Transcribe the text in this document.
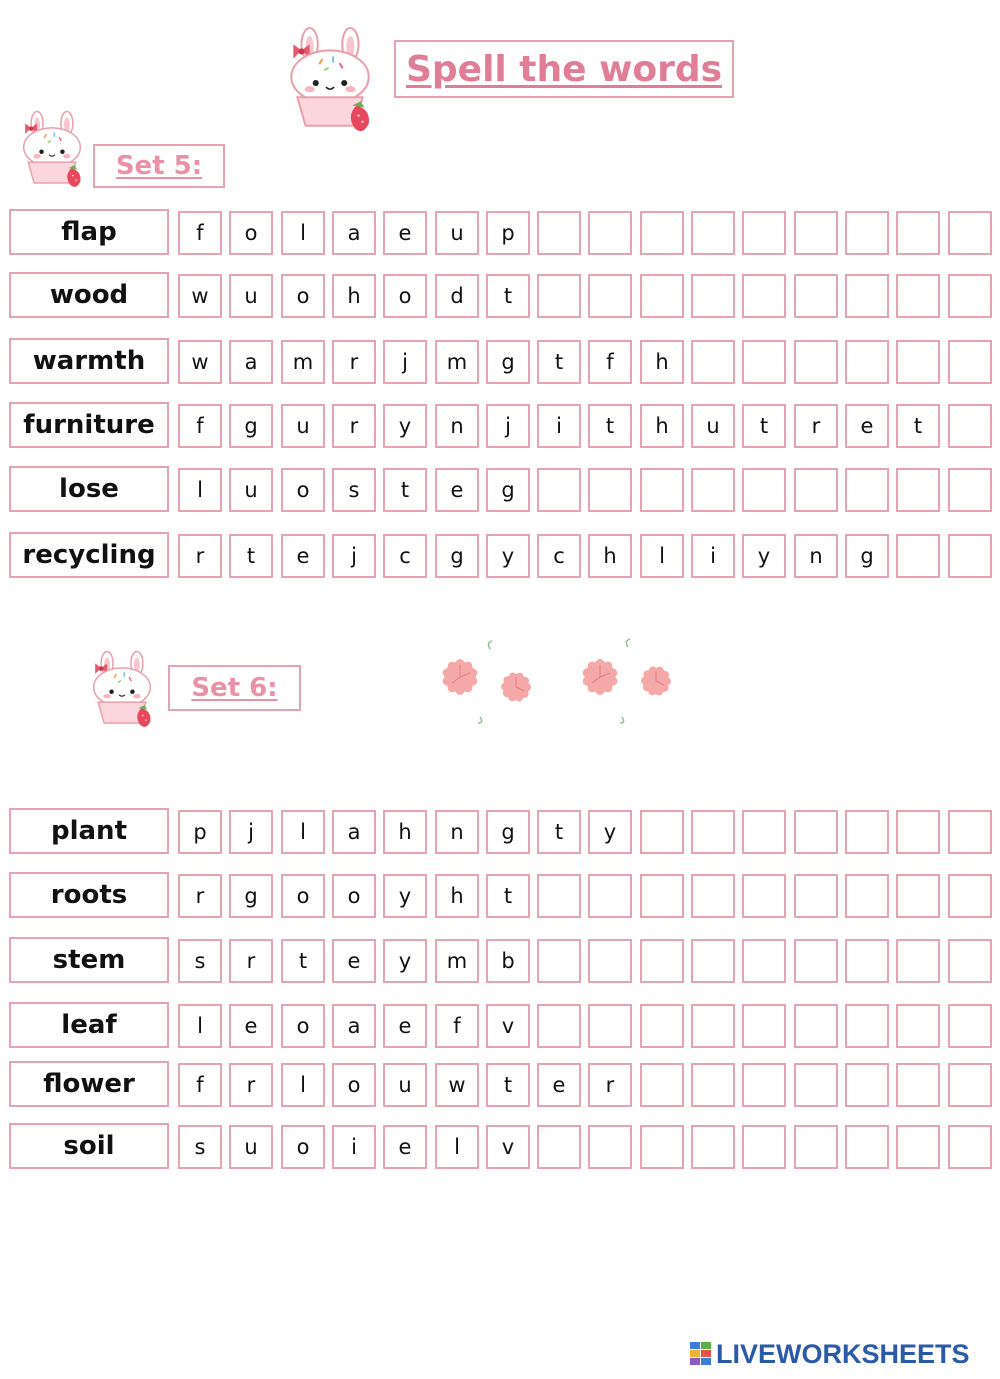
Spell the words
Set 5:
flap	f	o	l	a	e	u	p
wood	w	u	o	h	o	d	t
warmth	w	a	m	r	j	m	g	t	f	h
furniture	f	g	u	r	y	n	j	i	t	h	u	t	r	e	t
lose	l	u	o	s	t	e	g
recycling	r	t	e	j	c	g	y	c	h	l	i	y	n	g
Set 6:
plant	p	j	l	a	h	n	g	t	y
roots	r	g	o	o	y	h	t
stem	s	r	t	e	y	m	b
leaf	l	e	o	a	e	f	v
flower	f	r	l	o	u	w	t	e	r
soil	s	u	o	i	e	l	v
LIVEWORKSHEETS
